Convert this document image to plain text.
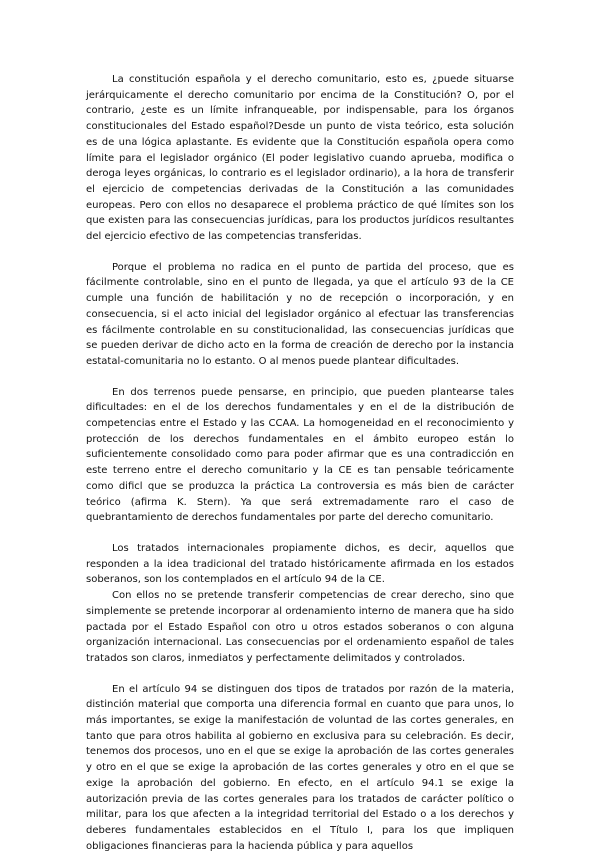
La constitución española y el derecho comunitario, esto es, ¿puede situarse jerárquicamente el derecho comunitario por encima de la Constitución? O, por el contrario, ¿este es un límite infranqueable, por indispensable, para los órganos constitucionales del Estado español?Desde un punto de vista teórico, esta solución es de una lógica aplastante. Es evidente que la Constitución española opera como límite para el legislador orgánico (El poder legislativo cuando aprueba, modifica o deroga leyes orgánicas, lo contrario es el legislador ordinario), a la hora de transferir el ejercicio de competencias derivadas de la Constitución a las comunidades europeas. Pero con ellos no desaparece el problema práctico de qué límites son los que existen para las consecuencias jurídicas, para los productos jurídicos resultantes del ejercicio efectivo de las competencias transferidas.

Porque el problema no radica en el punto de partida del proceso, que es fácilmente controlable, sino en el punto de llegada, ya que el artículo 93 de la CE cumple una función de habilitación y no de recepción o incorporación, y en consecuencia, si el acto inicial del legislador orgánico al efectuar las transferencias es fácilmente controlable en su constitucionalidad, las consecuencias jurídicas que se pueden derivar de dicho acto en la forma de creación de derecho por la instancia estatal-comunitaria no lo estanto. O al menos puede plantear dificultades.

En dos terrenos puede pensarse, en principio, que pueden plantearse tales dificultades: en el de los derechos fundamentales y en el de la distribución de competencias entre el Estado y las CCAA. La homogeneidad en el reconocimiento y protección de los derechos fundamentales en el ámbito europeo están lo suficientemente consolidado como para poder afirmar que es una contradicción en este terreno entre el derecho comunitario y la CE es tan pensable teóricamente como dificl que se produzca la práctica La controversia es más bien de carácter teórico (afirma K. Stern). Ya que será extremadamente raro el caso de quebrantamiento de derechos fundamentales por parte del derecho comunitario.

Los tratados internacionales propiamente dichos, es decir, aquellos que responden a la idea tradicional del tratado históricamente afirmada en los estados soberanos, son los contemplados en el artículo 94 de la CE.

Con ellos no se pretende transferir competencias de crear derecho, sino que simplemente se pretende incorporar al ordenamiento interno de manera que ha sido pactada por el Estado Español con otro u otros estados soberanos o con alguna organización internacional. Las consecuencias por el ordenamiento español de tales tratados son claros, inmediatos y perfectamente delimitados y controlados.

En el artículo 94 se distinguen dos tipos de tratados por razón de la materia, distinción material que comporta una diferencia formal en cuanto que para unos, lo más importantes, se exige la manifestación de voluntad de las cortes generales, en tanto que para otros habilita al gobierno en exclusiva para su celebración. Es decir, tenemos dos procesos, uno en el que se exige la aprobación de las cortes generales y otro en el que se exige la aprobación de las cortes generales y otro en el que se exige la aprobación del gobierno. En efecto, en el artículo 94.1 se exige la autorización previa de las cortes generales para los tratados de carácter político o militar, para los que afecten a la integridad territorial del Estado o a los derechos y deberes fundamentales establecidos en el Título I, para los que impliquen obligaciones financieras para la hacienda pública y para aquellos
